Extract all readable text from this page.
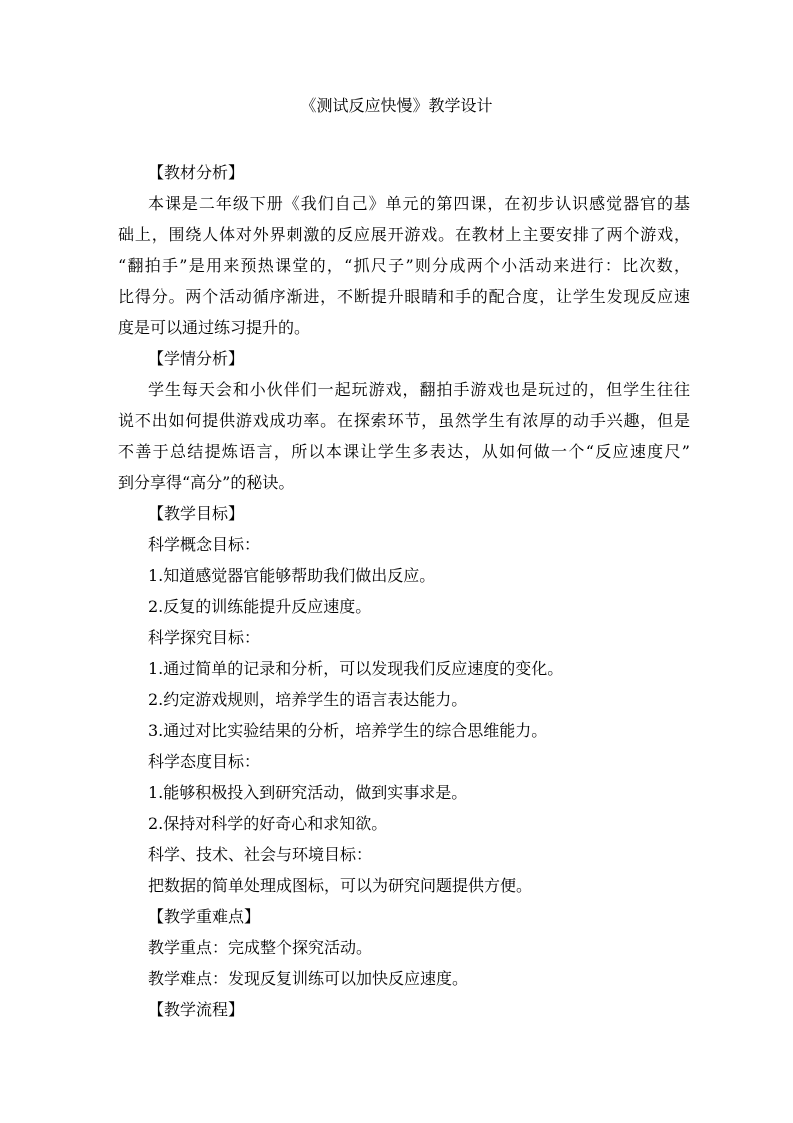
《测试反应快慢》教学设计
【教材分析】
本课是二年级下册《我们自己》单元的第四课，在初步认识感觉器官的基
础上，围绕人体对外界刺激的反应展开游戏。在教材上主要安排了两个游戏，
“翻拍手”是用来预热课堂的，“抓尺子”则分成两个小活动来进行：比次数，
比得分。两个活动循序渐进，不断提升眼睛和手的配合度，让学生发现反应速
度是可以通过练习提升的。
【学情分析】
学生每天会和小伙伴们一起玩游戏，翻拍手游戏也是玩过的，但学生往往
说不出如何提供游戏成功率。在探索环节，虽然学生有浓厚的动手兴趣，但是
不善于总结提炼语言，所以本课让学生多表达，从如何做一个“反应速度尺”
到分享得“高分”的秘诀。
【教学目标】
科学概念目标：
1.知道感觉器官能够帮助我们做出反应。
2.反复的训练能提升反应速度。
科学探究目标：
1.通过简单的记录和分析，可以发现我们反应速度的变化。
2.约定游戏规则，培养学生的语言表达能力。
3.通过对比实验结果的分析，培养学生的综合思维能力。
科学态度目标：
1.能够积极投入到研究活动，做到实事求是。
2.保持对科学的好奇心和求知欲。
科学、技术、社会与环境目标：
把数据的简单处理成图标，可以为研究问题提供方便。
【教学重难点】
教学重点：完成整个探究活动。
教学难点：发现反复训练可以加快反应速度。
【教学流程】
